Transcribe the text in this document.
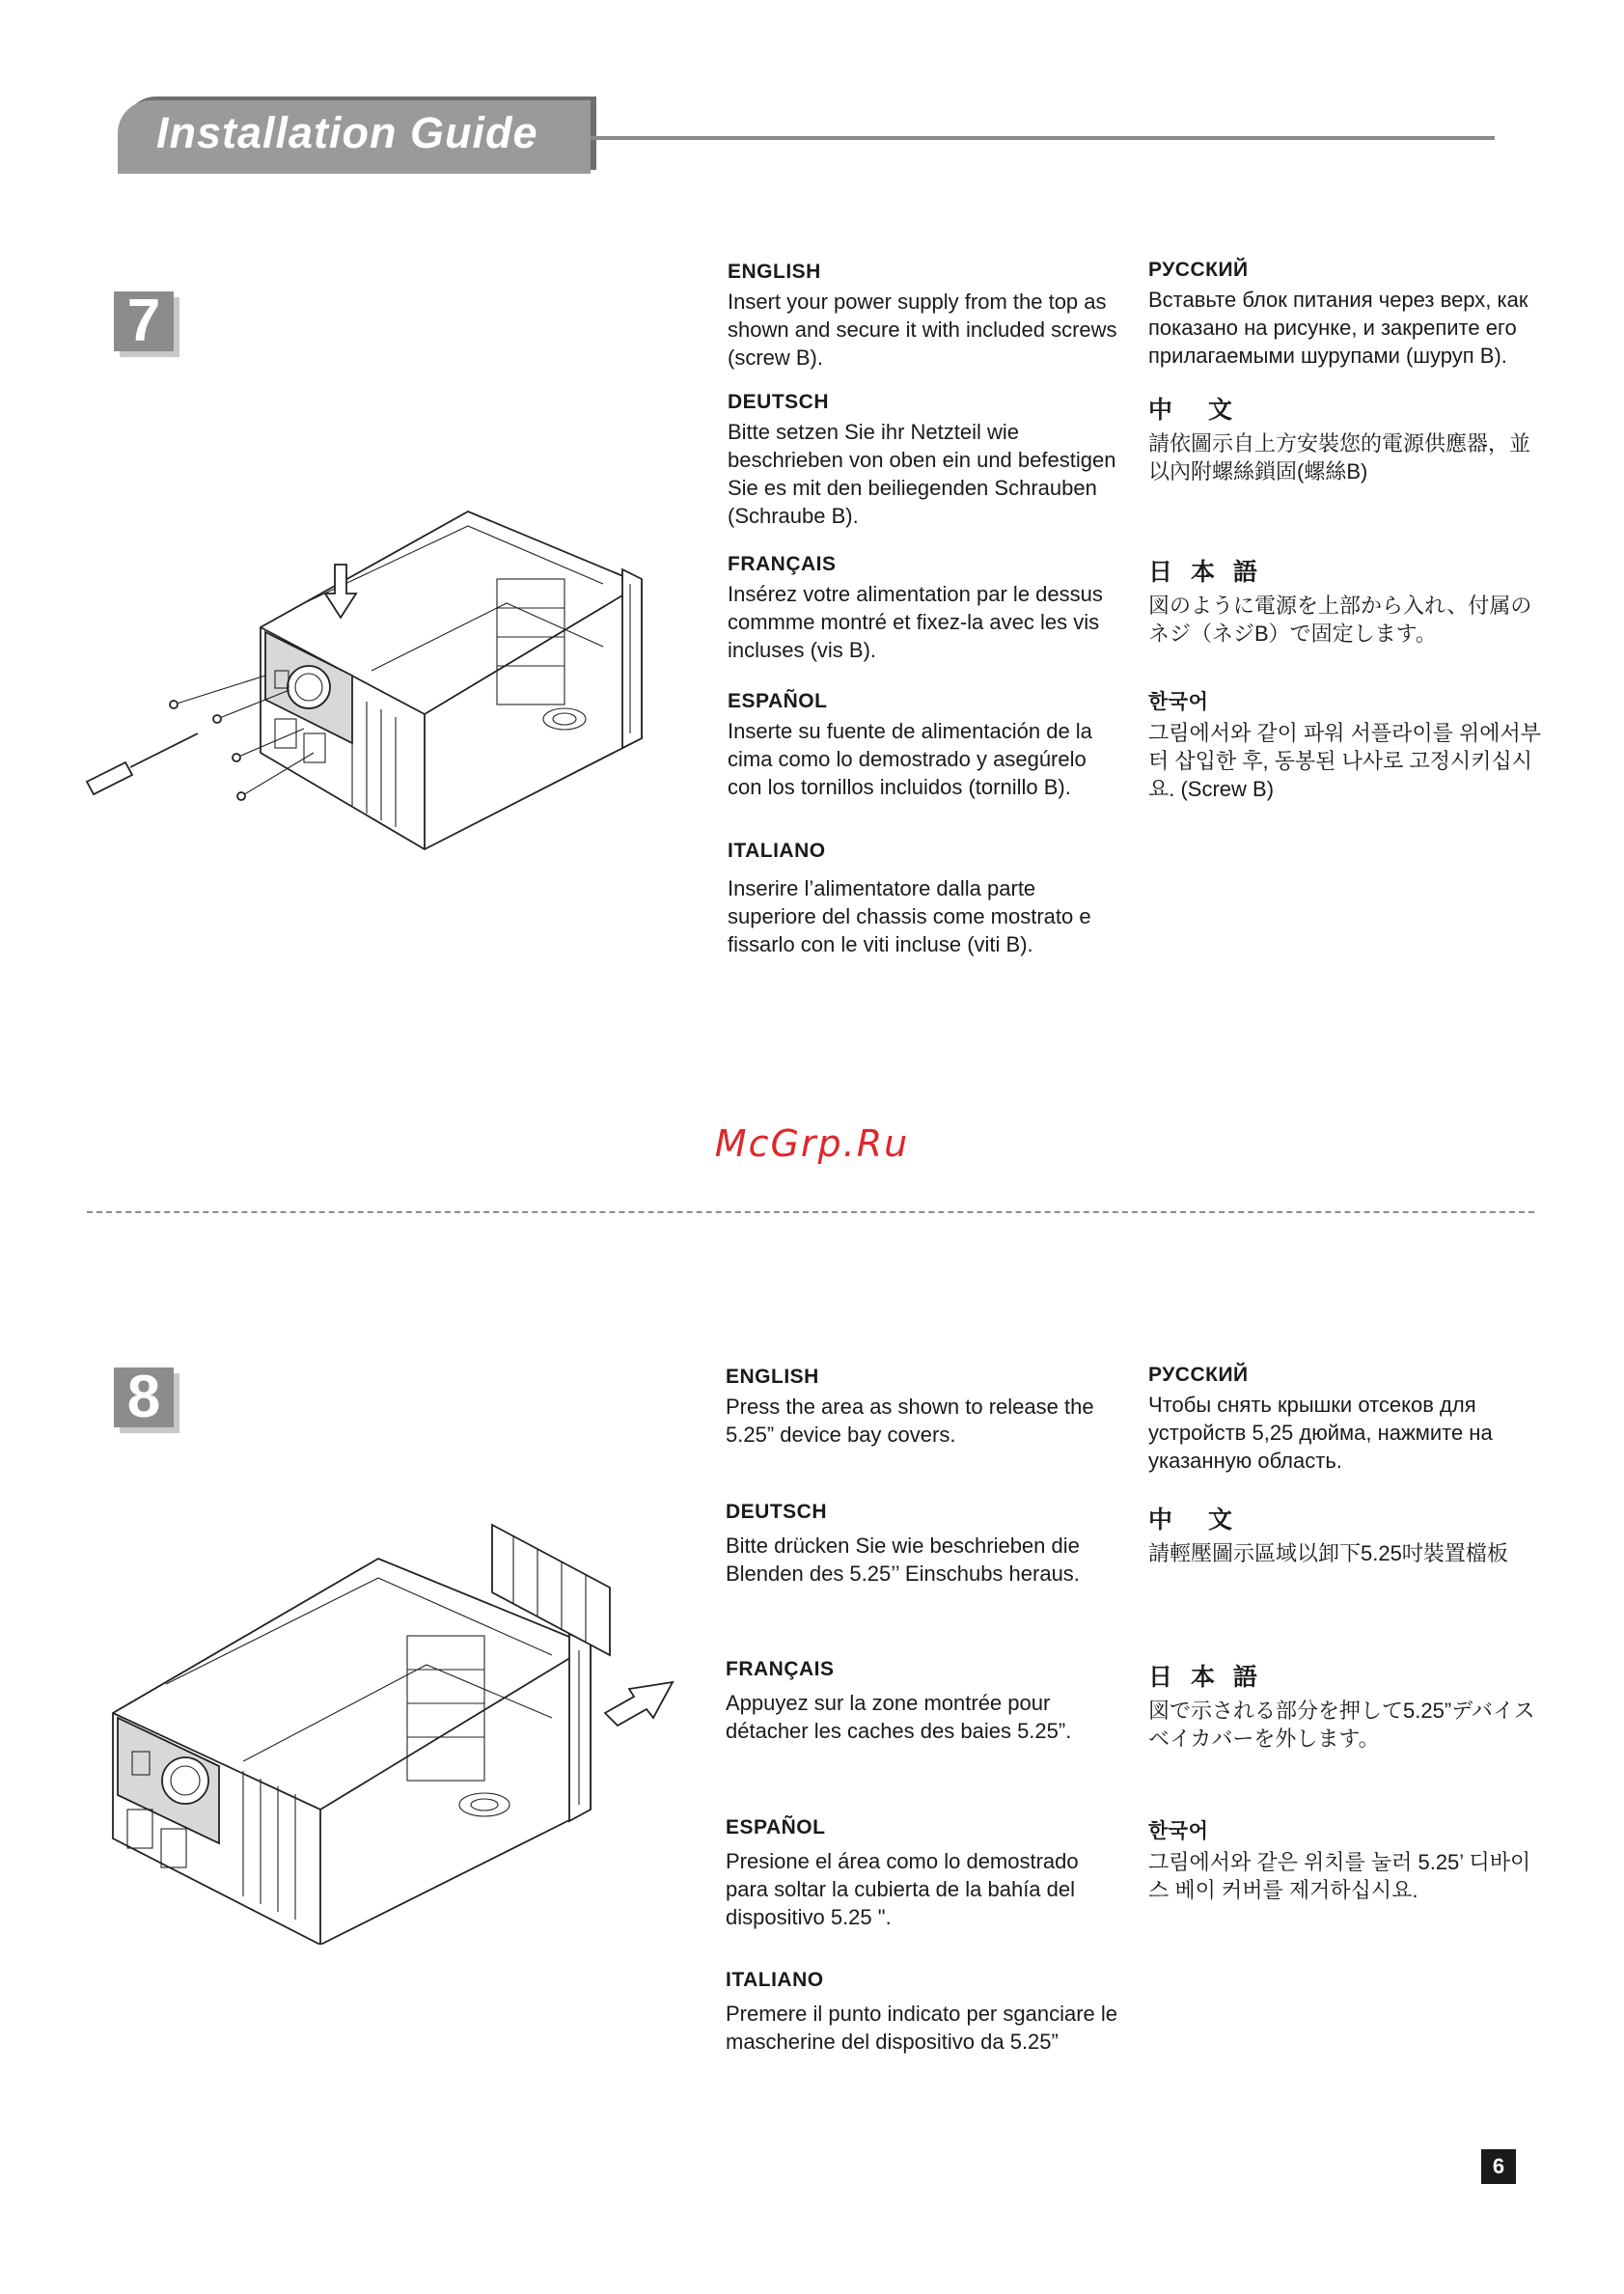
Installation Guide
7
ENGLISH

Insert your power supply from the top as shown and secure it with included screws (screw B).

DEUTSCH

Bitte setzen Sie ihr Netzteil wie beschrieben von oben ein und befestigen Sie es mit den beiliegenden Schrauben (Schraube B).

FRANÇAIS

Insérez votre alimentation par le dessus commme montré et fixez-la avec les vis incluses (vis B).

ESPAÑOL

Inserte su fuente de alimentación de la cima como lo demostrado y asegúrelo con los tornillos incluidos (tornillo B).

ITALIANO

Inserire l’alimentatore dalla parte superiore del chassis come mostrato e fissarlo con le viti incluse (viti B).

РУССКИЙ

Вставьте блок питания через верх, как показано на рисунке, и закрепите его прилагаемыми шурупами (шуруп B).

中　文

請依圖示自上方安裝您的電源供應器，並以內附螺絲鎖固(螺絲B)

日 本 語

図のように電源を上部から入れ、付属のネジ（ネジB）で固定します。

한국어

그림에서와 같이 파워 서플라이를 위에서부터 삽입한 후, 동봉된 나사로 고정시키십시요. (Screw B)

McGrp.Ru
8	ENGLISH

Press the area as shown to release the 5.25” device bay covers.

DEUTSCH

Bitte drücken Sie wie beschrieben die Blenden des 5.25’’ Einschubs heraus.

FRANÇAIS

Appuyez sur la zone montrée pour détacher les caches des baies 5.25”.

ESPAÑOL

Presione el área como lo demostrado para soltar la cubierta de la bahía del dispositivo 5.25 ".

ITALIANO

Premere il punto indicato per sganciare le mascherine del dispositivo da 5.25”

РУССКИЙ

Чтобы снять крышки отсеков для устройств 5,25 дюйма, нажмите на указанную область.

中　文

請輕壓圖示區域以卸下5.25吋裝置檔板

日 本 語

図で示される部分を押して5.25”デバイスベイカバーを外します。

한국어

그림에서와 같은 위치를 눌러 5.25’ 디바이스 베이 커버를 제거하십시요.

6
